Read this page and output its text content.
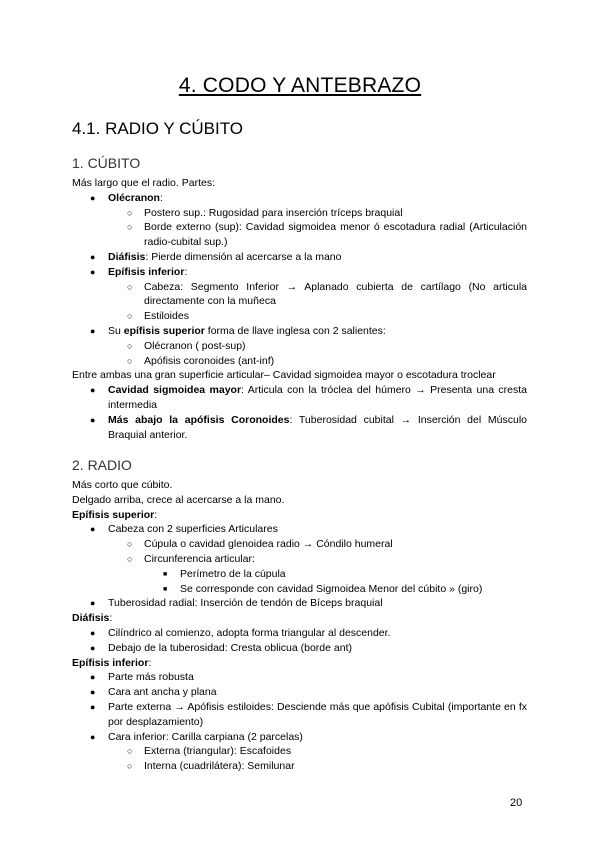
4. CODO Y ANTEBRAZO
4.1. RADIO Y CÚBITO
1. CÚBITO
Más largo que el radio. Partes:
● Olécranon:
○ Postero sup.: Rugosidad para inserción tríceps braquial
○ Borde externo (sup): Cavidad sigmoidea menor ó escotadura radial (Articulación radio-cubital sup.)
● Diáfisis: Pierde dimensión al acercarse a la mano
● Epífisis inferior:
○ Cabeza: Segmento Inferior → Aplanado cubierta de cartílago (No articula directamente con la muñeca
○ Estiloides
● Su epífisis superior forma de llave inglesa con 2 salientes:
○ Olécranon ( post-sup)
○ Apófisis coronoides (ant-inf)
Entre ambas una gran superficie articular– Cavidad sigmoidea mayor o escotadura troclear
● Cavidad sigmoidea mayor: Articula con la tróclea del húmero → Presenta una cresta intermedia
● Más abajo la apófisis Coronoides: Tuberosidad cubital → Inserción del Músculo Braquial anterior.
2. RADIO
Más corto que cúbito.
Delgado arriba, crece al acercarse a la mano.
Epífisis superior:
● Cabeza con 2 superficies Articulares
○ Cúpula o cavidad glenoidea radio → Cóndilo humeral
○ Circunferencia articular:
■ Perímetro de la cúpula
■ Se corresponde con cavidad Sigmoidea Menor del cúbito » (giro)
● Tuberosidad radial: Inserción de tendón de Bíceps braquial
Diáfisis:
● Cilíndrico al comienzo, adopta forma triangular al descender.
● Debajo de la tuberosidad: Cresta oblicua (borde ant)
Epífisis inferior:
● Parte más robusta
● Cara ant ancha y plana
● Parte externa → Apófisis estiloides: Desciende más que apófisis Cubital (importante en fx por desplazamiento)
● Cara inferior: Carilla carpiana (2 parcelas)
○ Externa (triangular): Escafoides
○ Interna (cuadrilátera): Semilunar
20
